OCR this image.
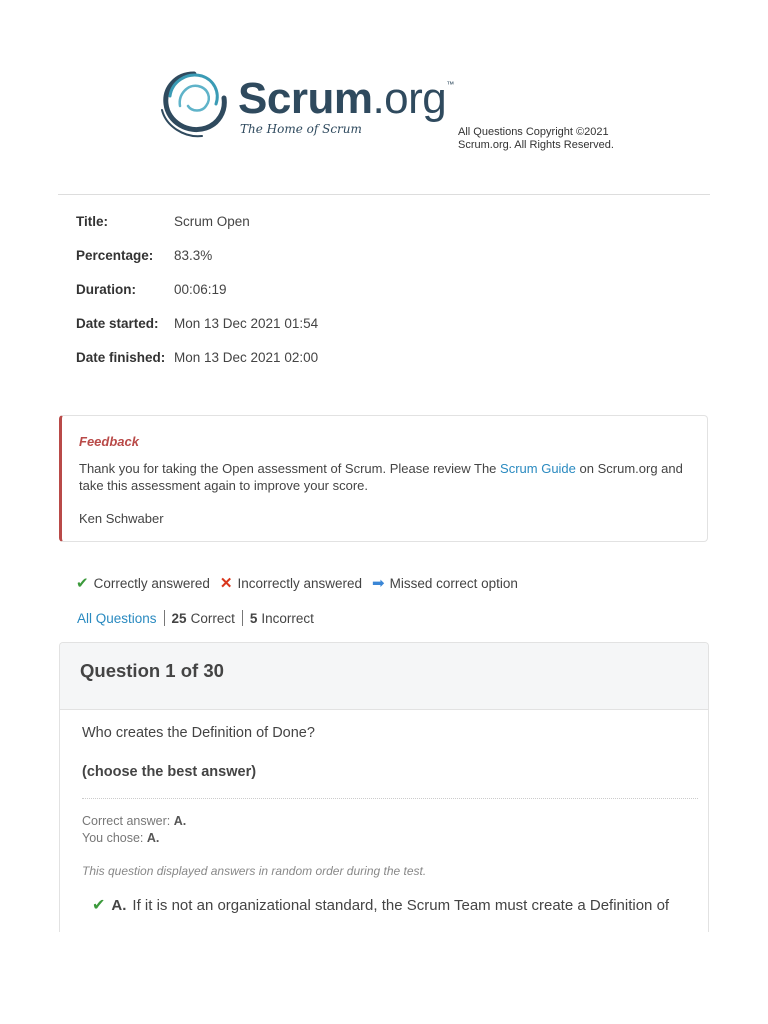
Scrum.org™
The Home of Scrum	All Questions Copyright ©2021
Scrum.org. All Rights Reserved.
Title:	Scrum Open
Percentage: 83.3%
Duration:	00:06:19
Date started: Mon 13 Dec 2021 01:54
Date finished: Mon 13 Dec 2021 02:00
Feedback
Thank you for taking the Open assessment of Scrum. Please review The Scrum Guide on Scrum.org and take this assessment again to improve your score.
Ken Schwaber
✔ Correctly answered ✕ Incorrectly answered ➡ Missed correct option
All Questions 25 Correct 5 Incorrect
Question 1 of 30
Who creates the Definition of Done?
(choose the best answer)
Correct answer: A.
You chose: A.
This question displayed answers in random order during the test.
✔ A. If it is not an organizational standard, the Scrum Team must create a Definition of
